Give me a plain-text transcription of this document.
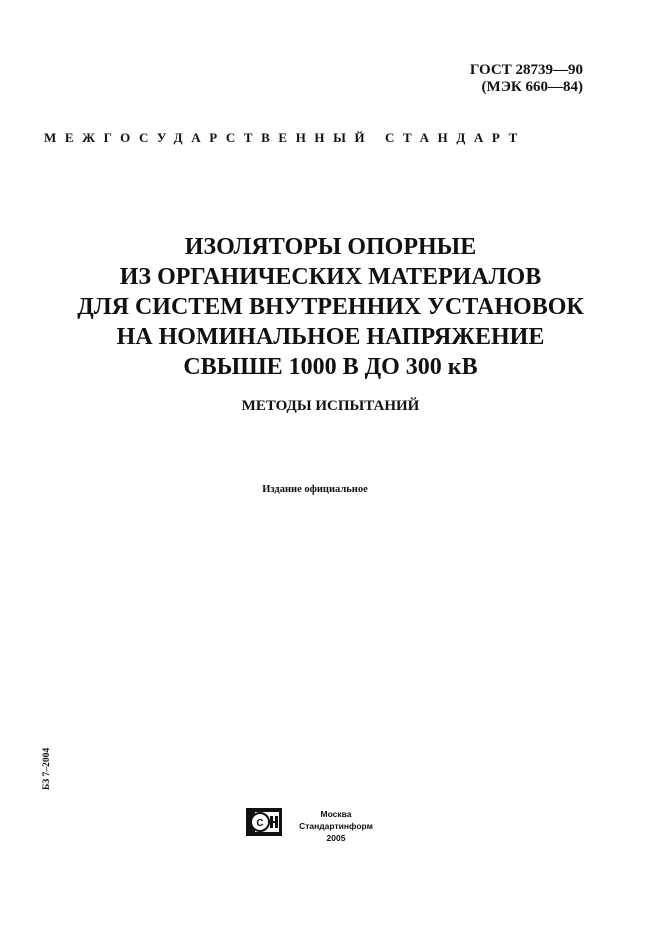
ГОСТ 28739—90
(МЭК 660—84)
МЕЖГОСУДАРСТВЕННЫЙ СТАНДАРТ
ИЗОЛЯТОРЫ ОПОРНЫЕ
ИЗ ОРГАНИЧЕСКИХ МАТЕРИАЛОВ
ДЛЯ СИСТЕМ ВНУТРЕННИХ УСТАНОВОК
НА НОМИНАЛЬНОЕ НАПРЯЖЕНИЕ
СВЫШЕ 1000 В ДО 300 кВ
МЕТОДЫ ИСПЫТАНИЙ
Издание официальное
БЗ 7–2004
С
Москва
Стандартинформ
2005
